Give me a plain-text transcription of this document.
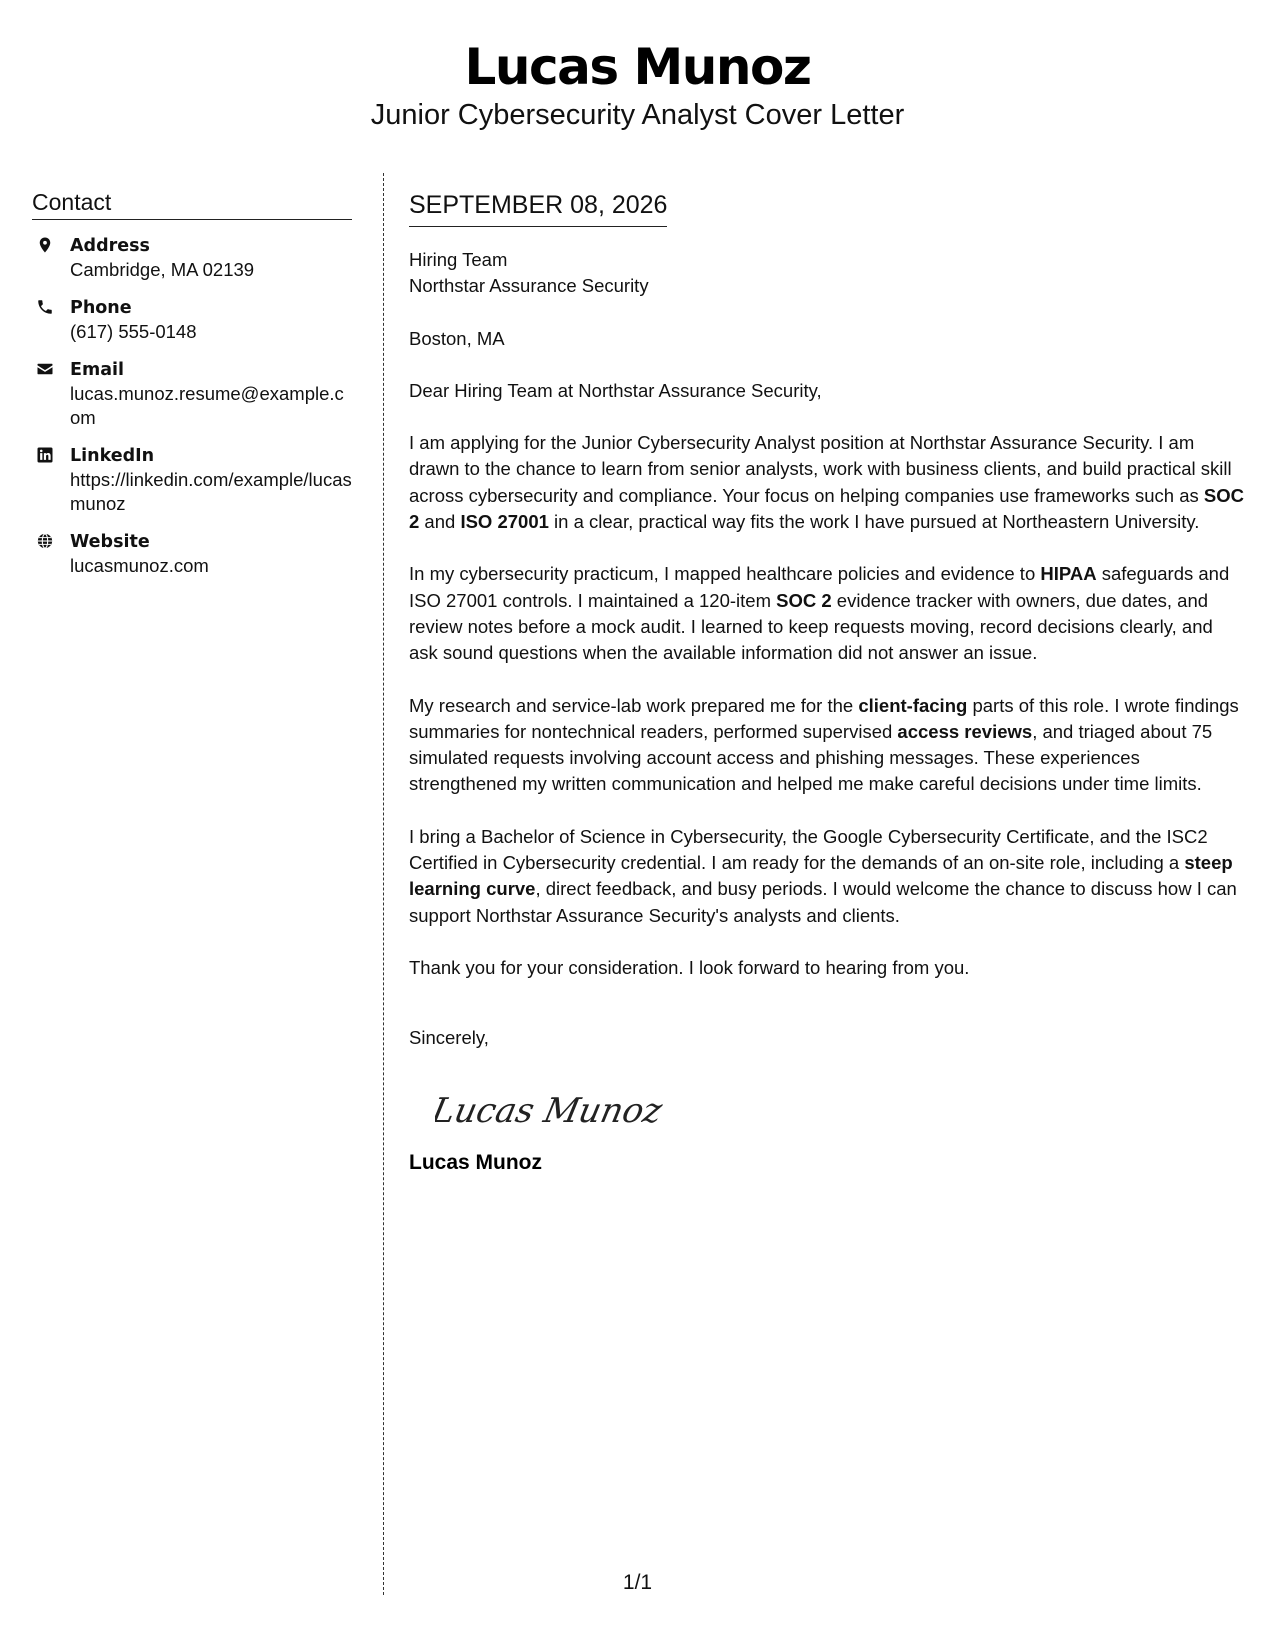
Lucas Munoz
Junior Cybersecurity Analyst Cover Letter
Contact
Address
Cambridge, MA 02139
Phone
(617) 555-0148
Email
lucas.munoz.resume@example.com
LinkedIn
https://linkedin.com/example/lucasmunoz
Website
lucasmunoz.com
SEPTEMBER 08, 2026
Hiring Team
Northstar Assurance Security
Boston, MA
Dear Hiring Team at Northstar Assurance Security,
I am applying for the Junior Cybersecurity Analyst position at Northstar Assurance Security. I am drawn to the chance to learn from senior analysts, work with business clients, and build practical skill across cybersecurity and compliance. Your focus on helping companies use frameworks such as SOC 2 and ISO 27001 in a clear, practical way fits the work I have pursued at Northeastern University.
In my cybersecurity practicum, I mapped healthcare policies and evidence to HIPAA safeguards and ISO 27001 controls. I maintained a 120-item SOC 2 evidence tracker with owners, due dates, and review notes before a mock audit. I learned to keep requests moving, record decisions clearly, and ask sound questions when the available information did not answer an issue.
My research and service-lab work prepared me for the client-facing parts of this role. I wrote findings summaries for nontechnical readers, performed supervised access reviews, and triaged about 75 simulated requests involving account access and phishing messages. These experiences strengthened my written communication and helped me make careful decisions under time limits.
I bring a Bachelor of Science in Cybersecurity, the Google Cybersecurity Certificate, and the ISC2 Certified in Cybersecurity credential. I am ready for the demands of an on-site role, including a steep learning curve, direct feedback, and busy periods. I would welcome the chance to discuss how I can support Northstar Assurance Security's analysts and clients.
Thank you for your consideration. I look forward to hearing from you.
Sincerely,
Lucas Munoz
Lucas Munoz
1/1
